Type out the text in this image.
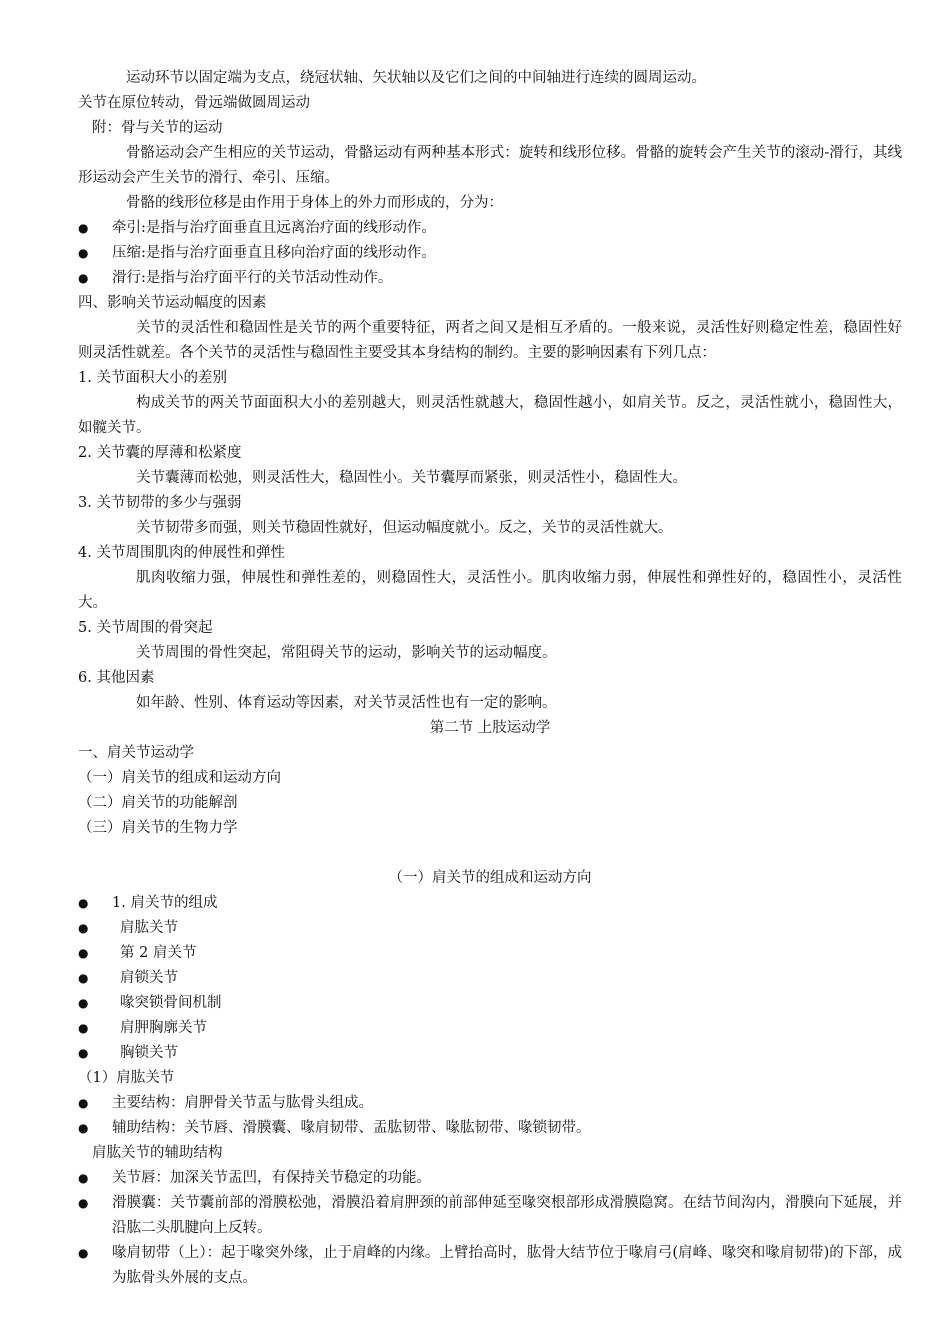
运动环节以固定端为支点，绕冠状轴、矢状轴以及它们之间的中间轴进行连续的圆周运动。
关节在原位转动，骨远端做圆周运动
附：骨与关节的运动
骨骼运动会产生相应的关节运动，骨骼运动有两种基本形式：旋转和线形位移。骨骼的旋转会产生关节的滚动-滑行，其线形运动会产生关节的滑行、牵引、压缩。
骨骼的线形位移是由作用于身体上的外力而形成的，分为：
● 牵引:是指与治疗面垂直且远离治疗面的线形动作。
● 压缩:是指与治疗面垂直且移向治疗面的线形动作。
● 滑行:是指与治疗面平行的关节活动性动作。
四、影响关节运动幅度的因素
关节的灵活性和稳固性是关节的两个重要特征，两者之间又是相互矛盾的。一般来说，灵活性好则稳定性差，稳固性好则灵活性就差。各个关节的灵活性与稳固性主要受其本身结构的制约。主要的影响因素有下列几点：
1. 关节面积大小的差别
构成关节的两关节面面积大小的差别越大，则灵活性就越大，稳固性越小，如肩关节。反之，灵活性就小，稳固性大，如髋关节。
2. 关节囊的厚薄和松紧度
关节囊薄而松弛，则灵活性大，稳固性小。关节囊厚而紧张，则灵活性小，稳固性大。
3. 关节韧带的多少与强弱
关节韧带多而强，则关节稳固性就好，但运动幅度就小。反之，关节的灵活性就大。
4. 关节周围肌肉的伸展性和弹性
肌肉收缩力强，伸展性和弹性差的，则稳固性大，灵活性小。肌肉收缩力弱，伸展性和弹性好的，稳固性小，灵活性大。
5. 关节周围的骨突起
关节周围的骨性突起，常阻碍关节的运动，影响关节的运动幅度。
6. 其他因素
如年龄、性别、体育运动等因素，对关节灵活性也有一定的影响。
第二节 上肢运动学
一、肩关节运动学
（一）肩关节的组成和运动方向
（二）肩关节的功能解剖
（三）肩关节的生物力学
（一）肩关节的组成和运动方向
● 1. 肩关节的组成
● 肩肱关节
● 第 2 肩关节
● 肩锁关节
● 喙突锁骨间机制
● 肩胛胸廓关节
● 胸锁关节
（1）肩肱关节
● 主要结构：肩胛骨关节盂与肱骨头组成。
● 辅助结构：关节唇、滑膜囊、喙肩韧带、盂肱韧带、喙肱韧带、喙锁韧带。
肩肱关节的辅助结构
● 关节唇：加深关节盂凹，有保持关节稳定的功能。
● 滑膜囊：关节囊前部的滑膜松弛，滑膜沿着肩胛颈的前部伸延至喙突根部形成滑膜隐窝。在结节间沟内，滑膜向下延展，并沿肱二头肌腱向上反转。
● 喙肩韧带（上）：起于喙突外缘，止于肩峰的内缘。上臂抬高时，肱骨大结节位于喙肩弓(肩峰、喙突和喙肩韧带)的下部，成为肱骨头外展的支点。
